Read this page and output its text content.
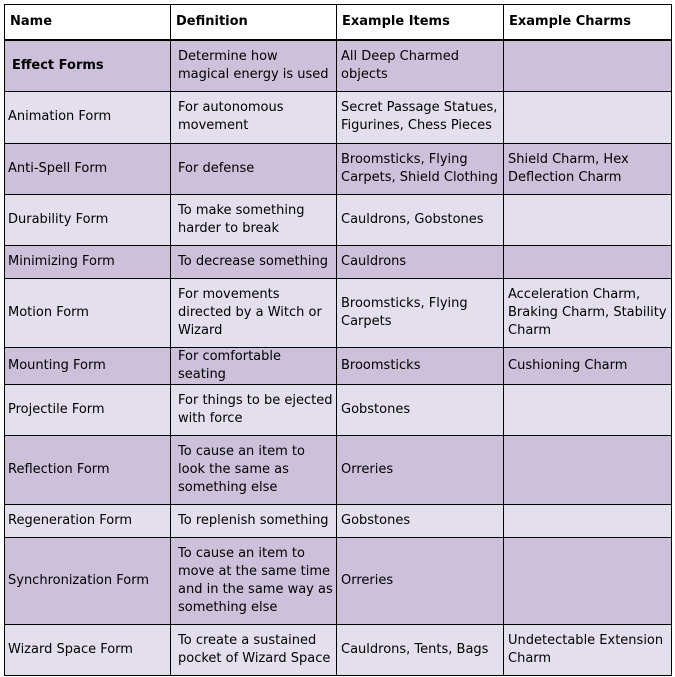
Name	Definition	Example Items	Example Charms
Effect Forms	Determine how magical energy is used	All Deep Charmed objects	
Animation Form	For autonomous movement	Secret Passage Statues, Figurines, Chess Pieces	
Anti-Spell Form	For defense	Broomsticks, Flying Carpets, Shield Clothing	Shield Charm, Hex Deflection Charm
Durability Form	To make something harder to break	Cauldrons, Gobstones	
Minimizing Form	To decrease something	Cauldrons	
Motion Form	For movements directed by a Witch or Wizard	Broomsticks, Flying Carpets	Acceleration Charm, Braking Charm, Stability Charm
Mounting Form	For comfortable seating	Broomsticks	Cushioning Charm
Projectile Form	For things to be ejected with force	Gobstones	
Reflection Form	To cause an item to look the same as something else	Orreries	
Regeneration Form	To replenish something	Gobstones	
Synchronization Form	To cause an item to move at the same time and in the same way as something else	Orreries	
Wizard Space Form	To create a sustained pocket of Wizard Space	Cauldrons, Tents, Bags	Undetectable Extension Charm
